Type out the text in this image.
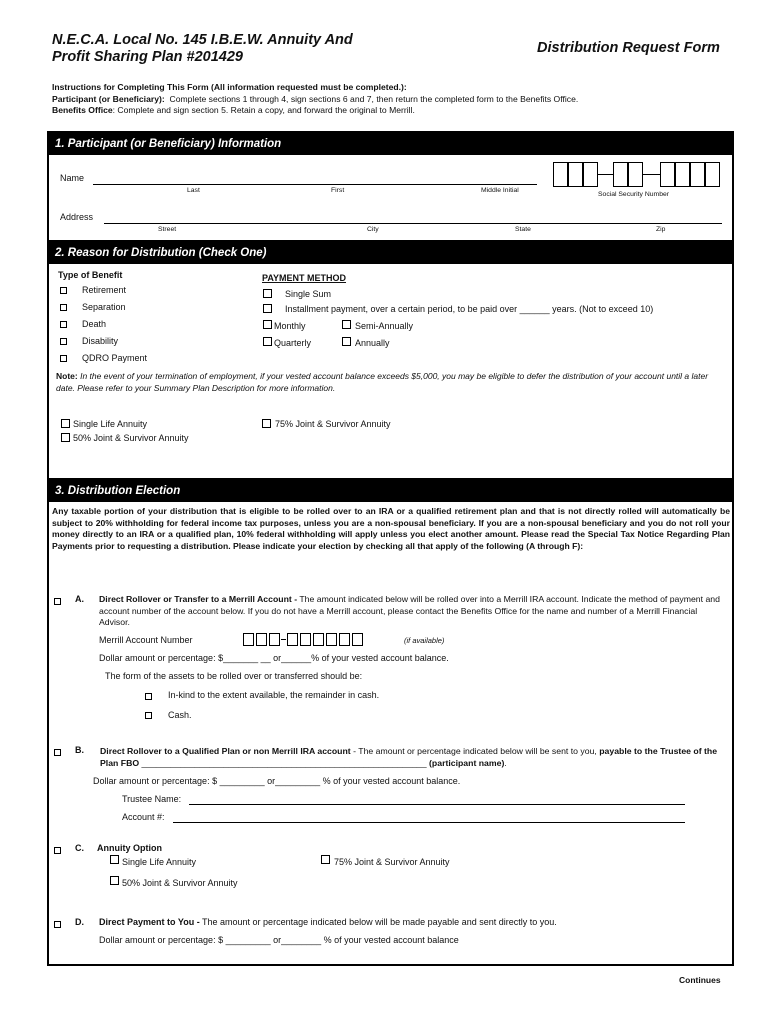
N.E.C.A. Local No. 145 I.B.E.W. Annuity And
Profit Sharing Plan #201429
Distribution Request Form
Instructions for Completing This Form (All information requested must be completed.):
Participant (or Beneficiary): Complete sections 1 through 4, sign sections 6 and 7, then return the completed form to the Benefits Office.
Benefits Office: Complete and sign section 5. Retain a copy, and forward the original to Merrill.
1. Participant (or Beneficiary) Information
Name
Last	First	Middle Initial
Social Security Number
Address
Street	City	State	Zip
2. Reason for Distribution (Check One)
Type of Benefit
Retirement
Separation
Death
Disability
QDRO Payment
PAYMENT METHOD
Single Sum
Installment payment, over a certain period, to be paid over ______ years. (Not to exceed 10)
Monthly	Semi-Annually
Quarterly	Annually
Note: In the event of your termination of employment, if your vested account balance exceeds $5,000, you may be eligible to defer the distribution of your account until a later date. Please refer to your Summary Plan Description for more information.
Single Life Annuity	75% Joint & Survivor Annuity
50% Joint & Survivor Annuity
3. Distribution Election
Any taxable portion of your distribution that is eligible to be rolled over to an IRA or a qualified retirement plan and that is not directly rolled will automatically be subject to 20% withholding for federal income tax purposes, unless you are a non-spousal beneficiary. If you are a non-spousal beneficiary and you do not roll your money directly to an IRA or a qualified plan, 10% federal withholding will apply unless you elect another amount. Please read the Special Tax Notice Regarding Plan Payments prior to requesting a distribution. Please indicate your election by checking all that apply of the following (A through F):
A. Direct Rollover or Transfer to a Merrill Account - The amount indicated below will be rolled over into a Merrill IRA account. Indicate the method of payment and account number of the account below. If you do not have a Merrill account, please contact the Benefits Office for the name and number of a Merrill Financial Advisor.
Merrill Account Number	(if available)
Dollar amount or percentage: $_______ __ or______% of your vested account balance.
The form of the assets to be rolled over or transferred should be:
In-kind to the extent available, the remainder in cash.
Cash.
B. Direct Rollover to a Qualified Plan or non Merrill IRA account - The amount or percentage indicated below will be sent to you, payable to the Trustee of the Plan FBO ___________________________________________________________ (participant name).
Dollar amount or percentage: $ _________ or_________ % of your vested account balance.
Trustee Name:
Account #:
C. Annuity Option
Single Life Annuity	75% Joint & Survivor Annuity
50% Joint & Survivor Annuity
D. Direct Payment to You - The amount or percentage indicated below will be made payable and sent directly to you.
Dollar amount or percentage: $ _________ or________ % of your vested account balance
Continues
